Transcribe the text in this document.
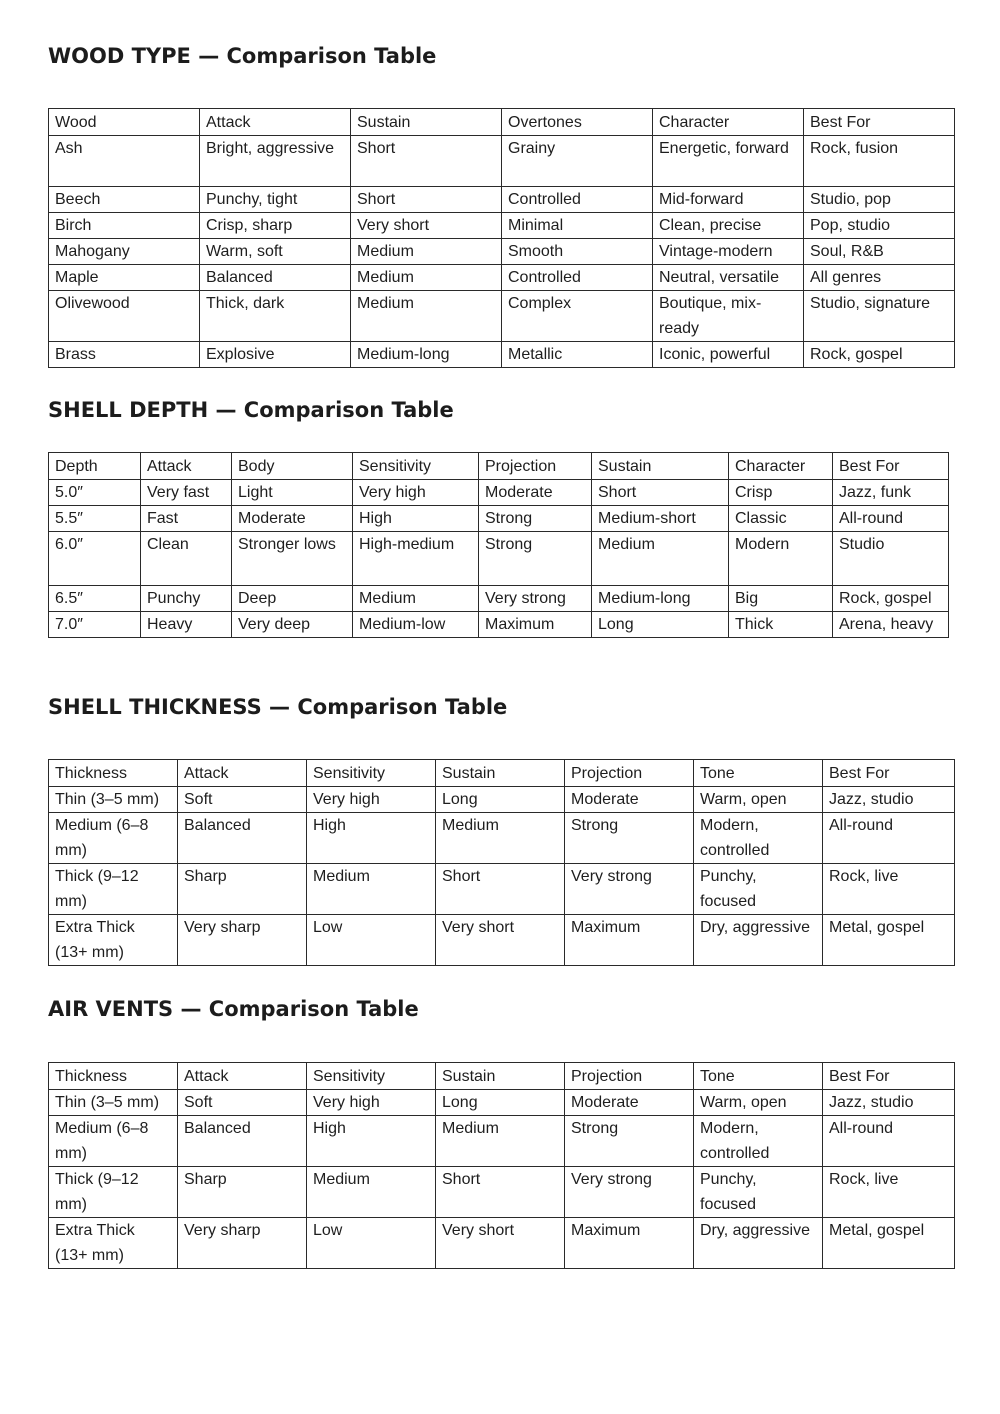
WOOD TYPE — Comparison Table
Wood	Attack	Sustain	Overtones	Character	Best For
Ash	Bright, aggressive	Short	Grainy	Energetic, forward	Rock, fusion
Beech	Punchy, tight	Short	Controlled	Mid-forward	Studio, pop
Birch	Crisp, sharp	Very short	Minimal	Clean, precise	Pop, studio
Mahogany	Warm, soft	Medium	Smooth	Vintage-modern	Soul, R&B
Maple	Balanced	Medium	Controlled	Neutral, versatile	All genres
Olivewood	Thick, dark	Medium	Complex	Boutique, mix-ready	Studio, signature
Brass	Explosive	Medium-long	Metallic	Iconic, powerful	Rock, gospel
SHELL DEPTH — Comparison Table
Depth	Attack	Body	Sensitivity	Projection	Sustain	Character	Best For
5.0″	Very fast	Light	Very high	Moderate	Short	Crisp	Jazz, funk
5.5″	Fast	Moderate	High	Strong	Medium-short	Classic	All-round
6.0″	Clean	Stronger lows	High-medium	Strong	Medium	Modern	Studio
6.5″	Punchy	Deep	Medium	Very strong	Medium-long	Big	Rock, gospel
7.0″	Heavy	Very deep	Medium-low	Maximum	Long	Thick	Arena, heavy
SHELL THICKNESS — Comparison Table
Thickness	Attack	Sensitivity	Sustain	Projection	Tone	Best For
Thin (3–5 mm)	Soft	Very high	Long	Moderate	Warm, open	Jazz, studio
Medium (6–8 mm)	Balanced	High	Medium	Strong	Modern, controlled	All-round
Thick (9–12 mm)	Sharp	Medium	Short	Very strong	Punchy, focused	Rock, live
Extra Thick (13+ mm)	Very sharp	Low	Very short	Maximum	Dry, aggressive	Metal, gospel
AIR VENTS — Comparison Table
Thickness	Attack	Sensitivity	Sustain	Projection	Tone	Best For
Thin (3–5 mm)	Soft	Very high	Long	Moderate	Warm, open	Jazz, studio
Medium (6–8 mm)	Balanced	High	Medium	Strong	Modern, controlled	All-round
Thick (9–12 mm)	Sharp	Medium	Short	Very strong	Punchy, focused	Rock, live
Extra Thick (13+ mm)	Very sharp	Low	Very short	Maximum	Dry, aggressive	Metal, gospel
